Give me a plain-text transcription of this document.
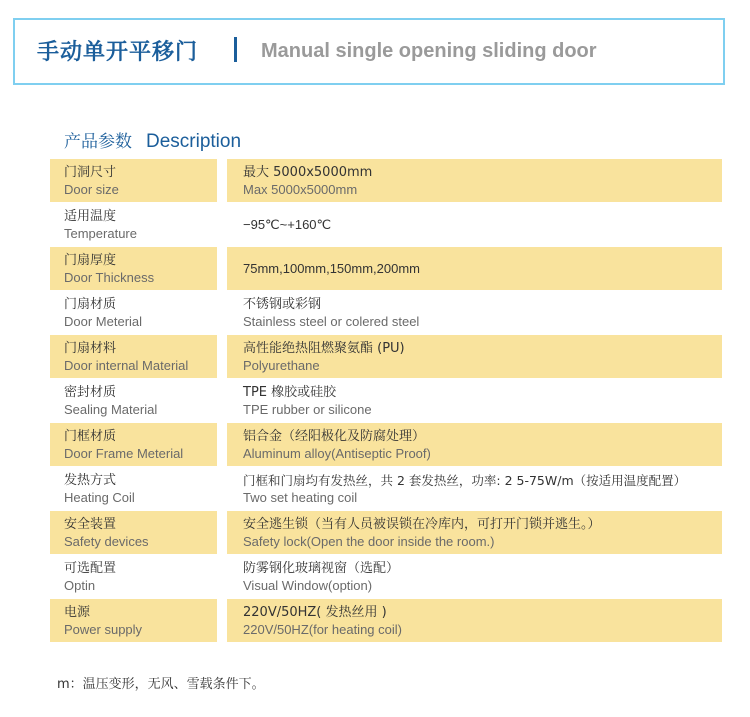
手动单开平移门	Manual single opening sliding door
产品参数 Description
门洞尺寸
Door size
最大 5000x5000mm
Max 5000x5000mm
适用温度
Temperature
−95℃~+160℃
门扇厚度
Door Thickness
75mm,100mm,150mm,200mm
门扇材质
Door Meterial
不锈钢或彩钢
Stainless steel or colered steel
门扇材料
Door internal Material
高性能绝热阻燃聚氨酯 (PU)
Polyurethane
密封材质
Sealing Material
TPE 橡胶或硅胶
TPE rubber or silicone
门框材质
Door Frame Meterial
铝合金（经阳极化及防腐处理）
Aluminum alloy(Antiseptic Proof)
发热方式
Heating Coil
门框和门扇均有发热丝，共 2 套发热丝，功率: 2 5-75W/m（按适用温度配置）
Two set heating coil
安全装置
Safety devices
安全逃生锁（当有人员被误锁在冷库内，可打开门锁并逃生。）
Safety lock(Open the door inside the room.)
可选配置
Optin
防雾钢化玻璃视窗（选配）
Visual Window(option)
电源
Power supply
220V/50HZ( 发热丝用 )
220V/50HZ(for heating coil)
m：温压变形，无风、雪载条件下。
